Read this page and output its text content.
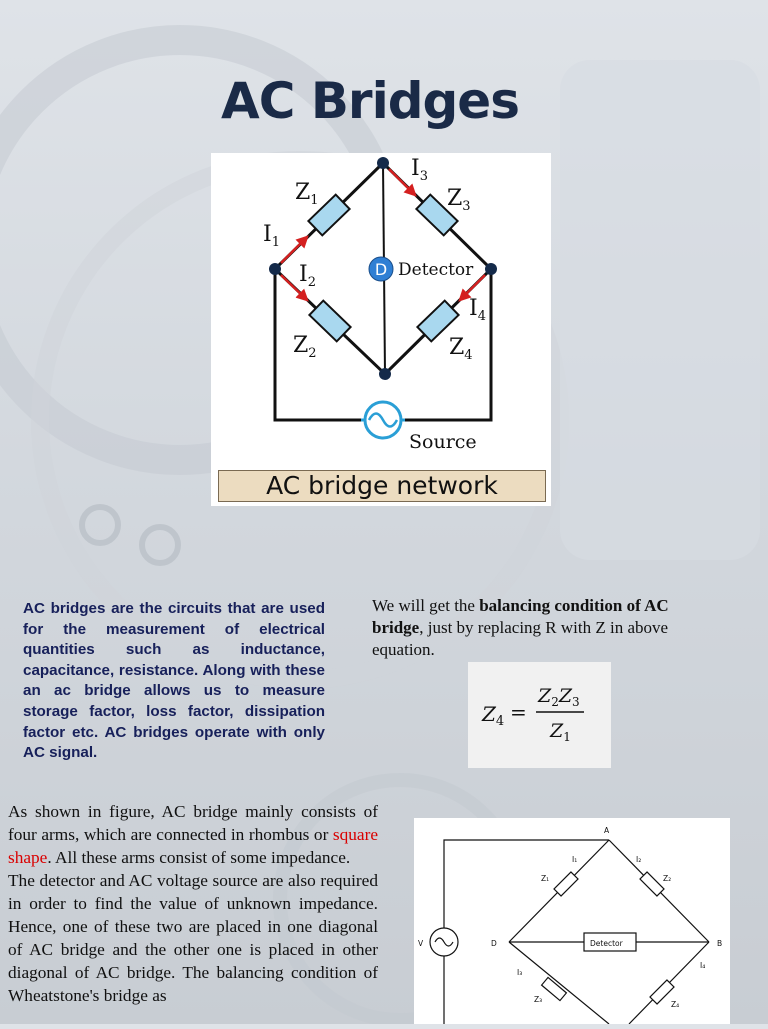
AC Bridges
D Detector
Source
$Z_1$	$Z_3$
$Z_2$	$Z_4$
$I_1$
$I_3$
$I_2$
$I_4$
AC bridge network
AC bridges are the circuits that are used for the measurement of electrical quantities such as inductance, capacitance, resistance. Along with these an ac bridge allows us to measure storage factor, loss factor, dissipation factor etc. AC bridges operate with only AC signal.
We will get the balancing condition of AC bridge, just by replacing R with Z in above equation.
$Z_4$ =
$Z_2Z_3$
$Z_1$
As shown in figure, AC bridge mainly consists of four arms, which are connected in rhombus or square shape. All these arms consist of some impedance.
The detector and AC voltage source are also required in order to find the value of unknown impedance. Hence, one of these two are placed in one diagonal of AC bridge and the other one is placed in other diagonal of AC bridge. The balancing condition of Wheatstone's bridge as
A
B
D
V	Detector
I₁	I₂
I₃
I₄
Z₁	Z₂
Z₃
Z₄
